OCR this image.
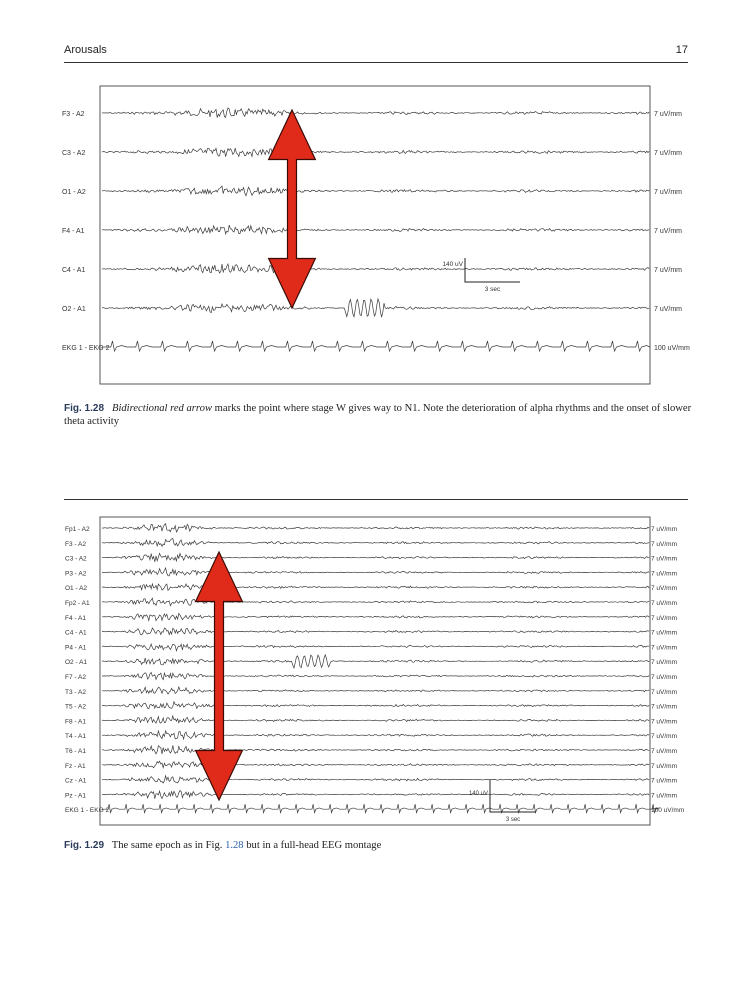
Arousals	17
F3 - A2	7 uV/mm
C3 - A2	7 uV/mm
O1 - A2	7 uV/mm
F4 - A1	7 uV/mm
C4 - A1	7 uV/mm
O2 - A1	7 uV/mm
EKG 1 - EKG 2	100 uV/mm
140 uV
3 sec
Fig. 1.28 Bidirectional red arrow marks the point where stage W gives way to N1. Note the deterioration of alpha rhythms and the onset of slower theta activity
Fp1 - A2	7 uV/mm
F3 - A2	7 uV/mm
C3 - A2	7 uV/mm
P3 - A2	7 uV/mm
O1 - A2	7 uV/mm
Fp2 - A1	7 uV/mm
F4 - A1	7 uV/mm
C4 - A1	7 uV/mm
P4 - A1	7 uV/mm
O2 - A1	7 uV/mm
F7 - A2	7 uV/mm
T3 - A2	7 uV/mm
T5 - A2	7 uV/mm
F8 - A1	7 uV/mm
T4 - A1	7 uV/mm
T6 - A1	7 uV/mm
Fz - A1	7 uV/mm
Cz - A1	7 uV/mm
Pz - A1	7 uV/mm
EKG 1 - EKG 2	100 uV/mm
140 uV
3 sec
Fig. 1.29 The same epoch as in Fig. 1.28 but in a full-head EEG montage
